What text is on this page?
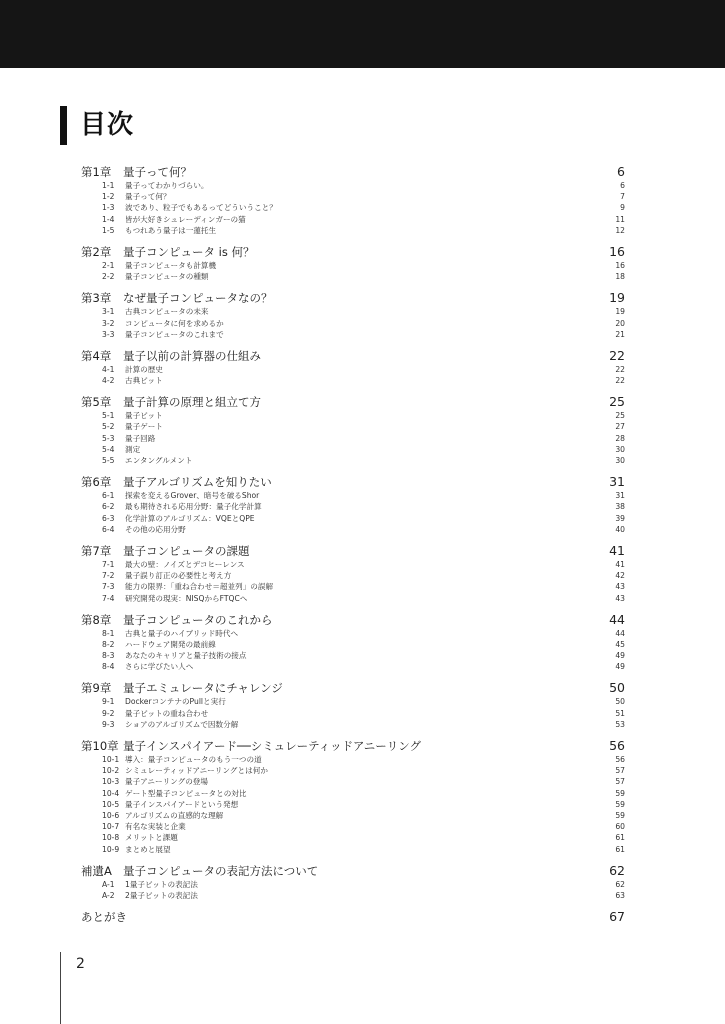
目次
第1章 量子って何？	6
1-1 量子ってわかりづらい。	6
1-2 量子って何？	7
1-3 波であり、粒子でもあるってどういうこと？	9
1-4 皆が大好きシュレーディンガーの猫	11
1-5 もつれあう量子は一蓮托生	12
第2章 量子コンピュータ is 何？	16
2-1 量子コンピュータも計算機	16
2-2 量子コンピュータの種類	18
第3章 なぜ量子コンピュータなの？	19
3-1 古典コンピュータの未来	19
3-2 コンピュータに何を求めるか	20
3-3 量子コンピュータのこれまで	21
第4章 量子以前の計算器の仕組み	22
4-1 計算の歴史	22
4-2 古典ビット	22
第5章 量子計算の原理と組立て方	25
5-1 量子ビット	25
5-2 量子ゲート	27
5-3 量子回路	28
5-4 測定	30
5-5 エンタングルメント	30
第6章 量子アルゴリズムを知りたい	31
6-1 探索を変えるGrover、暗号を破るShor	31
6-2 最も期待される応用分野：量子化学計算	38
6-3 化学計算のアルゴリズム：VQEとQPE	39
6-4 その他の応用分野	40
第7章 量子コンピュータの課題	41
7-1 最大の壁：ノイズとデコヒーレンス	41
7-2 量子誤り訂正の必要性と考え方	42
7-3 能力の限界：「重ね合わせ＝超並列」の誤解	43
7-4 研究開発の現実：NISQからFTQCへ	43
第8章 量子コンピュータのこれから	44
8-1 古典と量子のハイブリッド時代へ	44
8-2 ハードウェア開発の最前線	45
8-3 あなたのキャリアと量子技術の接点	49
8-4 さらに学びたい人へ	49
第9章 量子エミュレータにチャレンジ	50
9-1 DockerコンテナのPullと実行	50
9-2 量子ビットの重ね合わせ	51
9-3 ショアのアルゴリズムで因数分解	53
第10章 量子インスパイアード──シミュレーティッドアニーリング	56
10-1 導入：量子コンピュータのもう一つの道	56
10-2 シミュレーティッドアニーリングとは何か	57
10-3 量子アニーリングの登場	57
10-4 ゲート型量子コンピュータとの対比	59
10-5 量子インスパイアードという発想	59
10-6 アルゴリズムの直感的な理解	59
10-7 有名な実装と企業	60
10-8 メリットと課題	61
10-9 まとめと展望	61
補遺A 量子コンピュータの表記方法について	62
A-1 1量子ビットの表記法	62
A-2 2量子ビットの表記法	63
あとがき	67
2
